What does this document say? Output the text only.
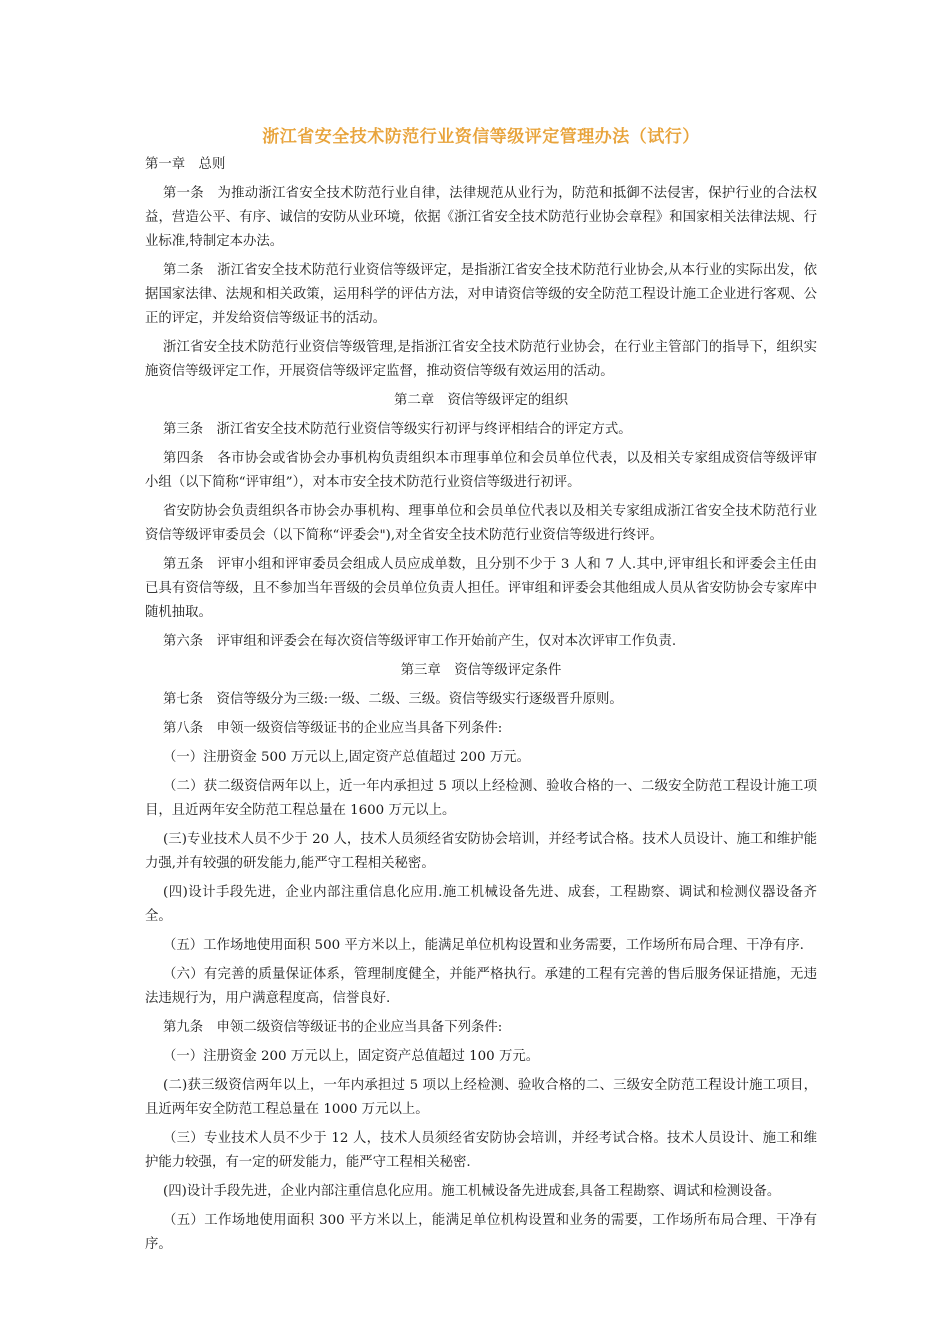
浙江省安全技术防范行业资信等级评定管理办法（试行）

第一章　总则

第一条　为推动浙江省安全技术防范行业自律，法律规范从业行为，防范和抵御不法侵害，保护行业的合法权益，营造公平、有序、诚信的安防从业环境，依据《浙江省安全技术防范行业协会章程》和国家相关法律法规、行业标准,特制定本办法。

第二条　浙江省安全技术防范行业资信等级评定，是指浙江省安全技术防范行业协会,从本行业的实际出发，依据国家法律、法规和相关政策，运用科学的评估方法，对申请资信等级的安全防范工程设计施工企业进行客观、公正的评定，并发给资信等级证书的活动。

浙江省安全技术防范行业资信等级管理,是指浙江省安全技术防范行业协会，在行业主管部门的指导下，组织实施资信等级评定工作，开展资信等级评定监督，推动资信等级有效运用的活动。

第二章　资信等级评定的组织

第三条　浙江省安全技术防范行业资信等级实行初评与终评相结合的评定方式。

第四条　各市协会或省协会办事机构负责组织本市理事单位和会员单位代表，以及相关专家组成资信等级评审小组（以下简称“评审组”），对本市安全技术防范行业资信等级进行初评。

省安防协会负责组织各市协会办事机构、理事单位和会员单位代表以及相关专家组成浙江省安全技术防范行业资信等级评审委员会（以下简称“评委会"),对全省安全技术防范行业资信等级进行终评。

第五条　评审小组和评审委员会组成人员应成单数，且分别不少于 3 人和 7 人.其中,评审组长和评委会主任由已具有资信等级，且不参加当年晋级的会员单位负责人担任。评审组和评委会其他组成人员从省安防协会专家库中随机抽取。

第六条　评审组和评委会在每次资信等级评审工作开始前产生，仅对本次评审工作负责.

第三章　资信等级评定条件

第七条　资信等级分为三级:一级、二级、三级。资信等级实行逐级晋升原则。

第八条　申领一级资信等级证书的企业应当具备下列条件:

（一）注册资金 500 万元以上,固定资产总值超过 200 万元。

（二）获二级资信两年以上，近一年内承担过 5 项以上经检测、验收合格的一、二级安全防范工程设计施工项目，且近两年安全防范工程总量在 1600 万元以上。

(三)专业技术人员不少于 20 人，技术人员须经省安防协会培训，并经考试合格。技术人员设计、施工和维护能力强,并有较强的研发能力,能严守工程相关秘密。

(四)设计手段先进，企业内部注重信息化应用.施工机械设备先进、成套，工程勘察、调试和检测仪器设备齐全。

（五）工作场地使用面积 500 平方米以上，能满足单位机构设置和业务需要，工作场所布局合理、干净有序.

（六）有完善的质量保证体系，管理制度健全，并能严格执行。承建的工程有完善的售后服务保证措施，无违法违规行为，用户满意程度高，信誉良好.

第九条　申领二级资信等级证书的企业应当具备下列条件:

（一）注册资金 200 万元以上，固定资产总值超过 100 万元。

(二)获三级资信两年以上，一年内承担过 5 项以上经检测、验收合格的二、三级安全防范工程设计施工项目，且近两年安全防范工程总量在 1000 万元以上。

（三）专业技术人员不少于 12 人，技术人员须经省安防协会培训，并经考试合格。技术人员设计、施工和维护能力较强，有一定的研发能力，能严守工程相关秘密.

(四)设计手段先进，企业内部注重信息化应用。施工机械设备先进成套,具备工程勘察、调试和检测设备。

（五）工作场地使用面积 300 平方米以上，能满足单位机构设置和业务的需要，工作场所布局合理、干净有序。
